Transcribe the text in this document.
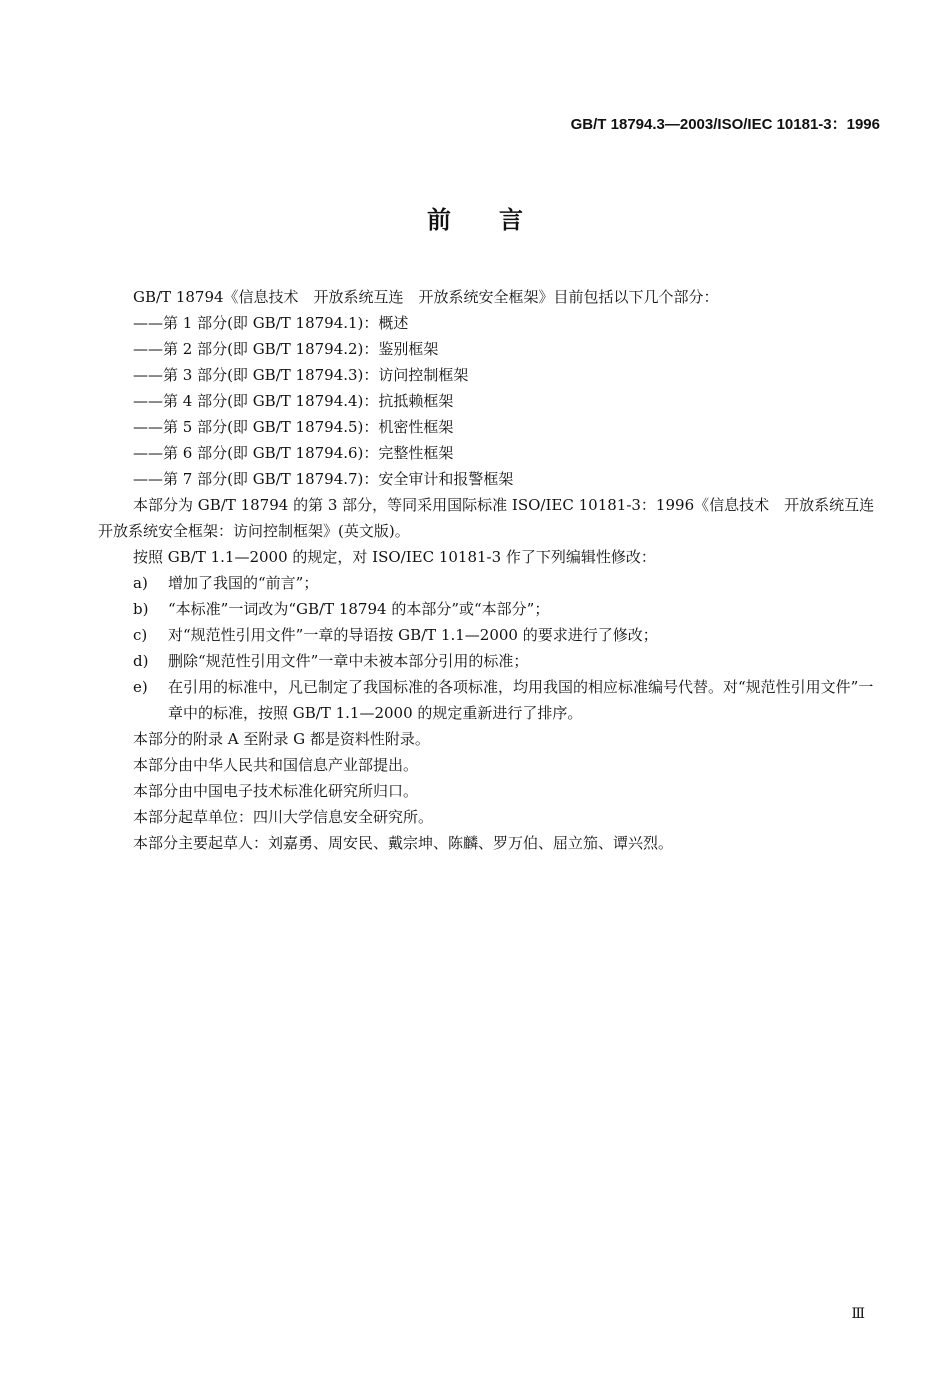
GB/T 18794.3—2003/ISO/IEC 10181-3：1996
前 言
GB/T 18794《信息技术　开放系统互连　开放系统安全框架》目前包括以下几个部分：
——第 1 部分(即 GB/T 18794.1)：概述
——第 2 部分(即 GB/T 18794.2)：鉴别框架
——第 3 部分(即 GB/T 18794.3)：访问控制框架
——第 4 部分(即 GB/T 18794.4)：抗抵赖框架
——第 5 部分(即 GB/T 18794.5)：机密性框架
——第 6 部分(即 GB/T 18794.6)：完整性框架
——第 7 部分(即 GB/T 18794.7)：安全审计和报警框架
本部分为 GB/T 18794 的第 3 部分，等同采用国际标准 ISO/IEC 10181-3：1996《信息技术　开放系统互连　开放系统安全框架：访问控制框架》(英文版)。
按照 GB/T 1.1—2000 的规定，对 ISO/IEC 10181-3 作了下列编辑性修改：
a)	增加了我国的“前言”；
b)	“本标准”一词改为“GB/T 18794 的本部分”或“本部分”；
c)	对“规范性引用文件”一章的导语按 GB/T 1.1—2000 的要求进行了修改；
d)	删除“规范性引用文件”一章中未被本部分引用的标准；
e)	在引用的标准中，凡已制定了我国标准的各项标准，均用我国的相应标准编号代替。对“规范性引用文件”一章中的标准，按照 GB/T 1.1—2000 的规定重新进行了排序。
本部分的附录 A 至附录 G 都是资料性附录。
本部分由中华人民共和国信息产业部提出。
本部分由中国电子技术标准化研究所归口。
本部分起草单位：四川大学信息安全研究所。
本部分主要起草人：刘嘉勇、周安民、戴宗坤、陈麟、罗万伯、屈立笳、谭兴烈。
Ⅲ
